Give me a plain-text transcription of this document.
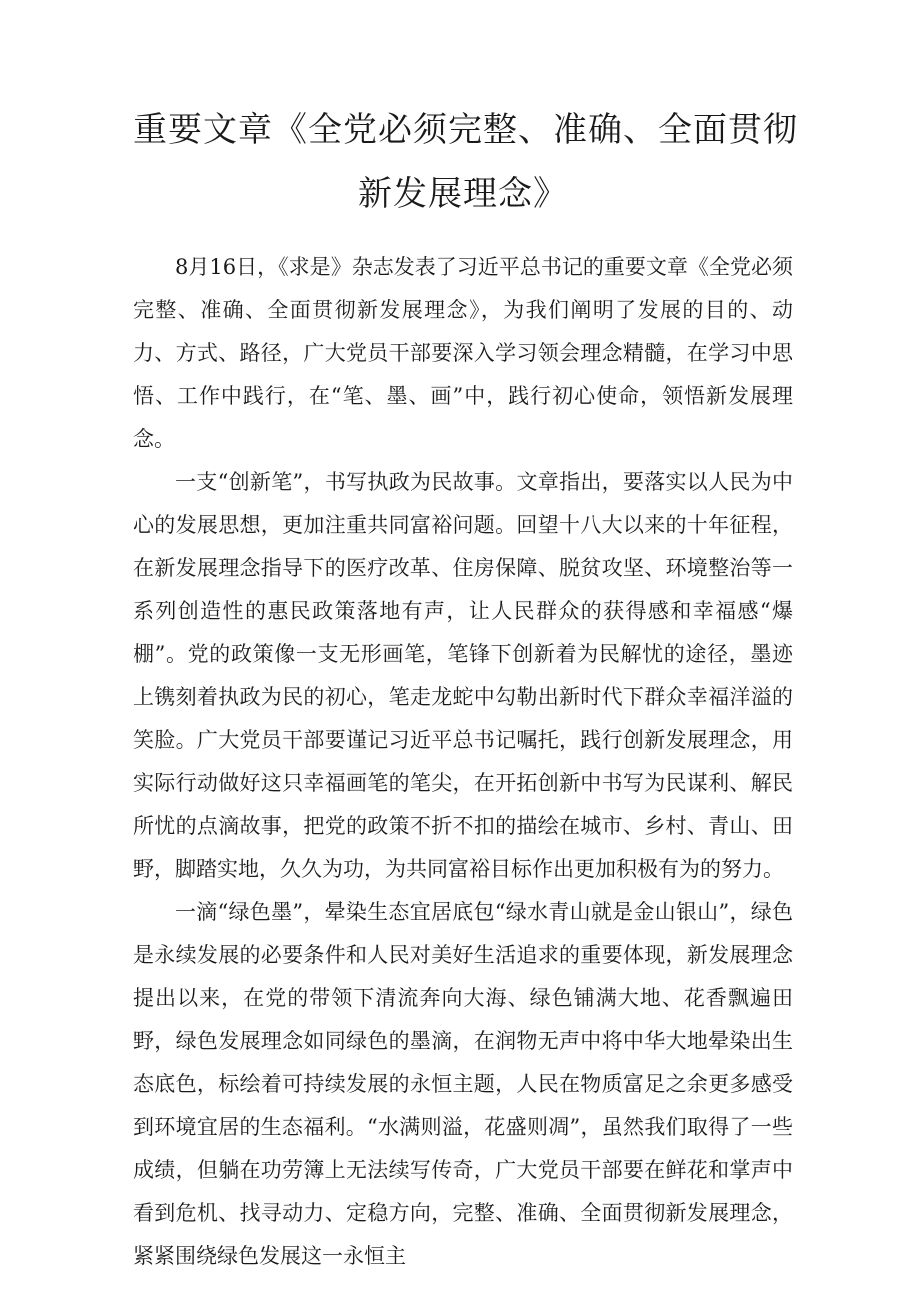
重要文章《全党必须完整、准确、全面贯彻
新发展理念》

8月16日，《求是》杂志发表了习近平总书记的重要文章《全党必须完整、准确、全面贯彻新发展理念》，为我们阐明了发展的目的、动力、方式、路径，广大党员干部要深入学习领会理念精髓，在学习中思悟、工作中践行，在“笔、墨、画”中，践行初心使命，领悟新发展理念。

一支“创新笔”，书写执政为民故事。文章指出，要落实以人民为中心的发展思想，更加注重共同富裕问题。回望十八大以来的十年征程，在新发展理念指导下的医疗改革、住房保障、脱贫攻坚、环境整治等一系列创造性的惠民政策落地有声，让人民群众的获得感和幸福感“爆棚”。党的政策像一支无形画笔，笔锋下创新着为民解忧的途径，墨迹上镌刻着执政为民的初心，笔走龙蛇中勾勒出新时代下群众幸福洋溢的笑脸。广大党员干部要谨记习近平总书记嘱托，践行创新发展理念，用实际行动做好这只幸福画笔的笔尖，在开拓创新中书写为民谋利、解民所忧的点滴故事，把党的政策不折不扣的描绘在城市、乡村、青山、田野，脚踏实地，久久为功，为共同富裕目标作出更加积极有为的努力。

一滴“绿色墨”，晕染生态宜居底包“绿水青山就是金山银山”，绿色是永续发展的必要条件和人民对美好生活追求的重要体现，新发展理念提出以来，在党的带领下清流奔向大海、绿色铺满大地、花香飘遍田野，绿色发展理念如同绿色的墨滴，在润物无声中将中华大地晕染出生态底色，标绘着可持续发展的永恒主题，人民在物质富足之余更多感受到环境宜居的生态福利。“水满则溢，花盛则凋”，虽然我们取得了一些成绩，但躺在功劳簿上无法续写传奇，广大党员干部要在鲜花和掌声中看到危机、找寻动力、定稳方向，完整、准确、全面贯彻新发展理念，紧紧围绕绿色发展这一永恒主
